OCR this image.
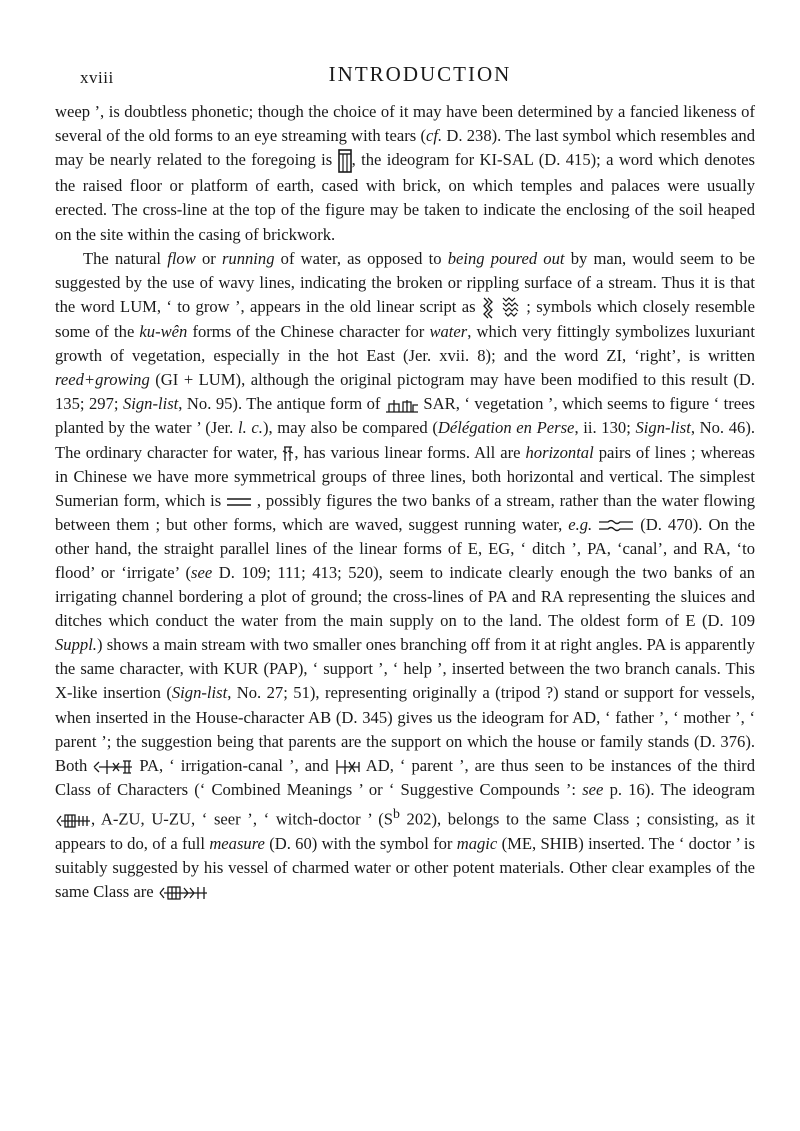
xviii	INTRODUCTION

weep ’, is doubtless phonetic; though the choice of it may have been determined by a fancied likeness of several of the old forms to an eye streaming with tears (cf. D. 238). The last symbol which resembles and may be nearly related to the foregoing is , the ideogram for KI-SAL (D. 415); a word which denotes the raised floor or platform of earth, cased with brick, on which temples and palaces were usually erected. The cross-line at the top of the figure may be taken to indicate the enclosing of the soil heaped on the site within the casing of brickwork.

The natural flow or running of water, as opposed to being poured out by man, would seem to be suggested by the use of wavy lines, indicating the broken or rippling surface of a stream. Thus it is that the word LUM, ‘ to grow ’, appears in the old linear script as  ; symbols which closely resemble some of the ku-wên forms of the Chinese character for water, which very fittingly symbolizes luxuriant growth of vegetation, especially in the hot East (Jer. xvii. 8); and the word ZI, ‘right’, is written reed+growing (GI + LUM), although the original pictogram may have been modified to this result (D. 135; 297; Sign-list, No. 95). The antique form of  SAR, ‘ vegetation ’, which seems to figure ‘ trees planted by the water ’ (Jer. l. c.), may also be compared (Délégation en Perse, ii. 130; Sign-list, No. 46). The ordinary character for water, , has various linear forms. All are horizontal pairs of lines ; whereas in Chinese we have more symmetrical groups of three lines, both horizontal and vertical. The simplest Sumerian form, which is  , possibly figures the two banks of a stream, rather than the water flowing between them ; but other forms, which are waved, suggest running water, e.g.	(D. 470). On the other hand, the straight parallel lines of the linear forms of E, EG, ‘ ditch ’, PA, ‘canal’, and RA, ‘to flood’ or ‘irrigate’ (see D. 109; 111; 413; 520), seem to indicate clearly enough the two banks of an irrigating channel bordering a plot of ground; the cross-lines of PA and RA representing the sluices and ditches which conduct the water from the main supply on to the land. The oldest form of E (D. 109 Suppl.) shows a main stream with two smaller ones branching off from it at right angles. PA is apparently the same character, with KUR (PAP), ‘ support ’, ‘ help ’, inserted between the two branch canals. This X-like insertion (Sign-list, No. 27; 51), representing originally a (tripod ?) stand or support for vessels, when inserted in the House-character AB (D. 345) gives us the ideogram for AD, ‘ father ’, ‘ mother ’, ‘ parent ’; the suggestion being that parents are the support on which the house or family stands (D. 376). Both  PA, ‘ irrigation-canal ’, and  AD, ‘ parent ’, are thus seen to be instances of the third Class of Characters (‘ Combined Meanings ’ or ‘ Suggestive Compounds ’: see p. 16). The ideogram , A-ZU, U-ZU, ‘ seer ’, ‘ witch-doctor ’ ($S^b$ 202), belongs to the same Class ; consisting, as it appears to do, of a full measure (D. 60) with the symbol for magic (ME, SHIB) inserted. The ‘ doctor ’ is suitably suggested by his vessel of charmed water or other potent materials. Other clear examples of the same Class are
